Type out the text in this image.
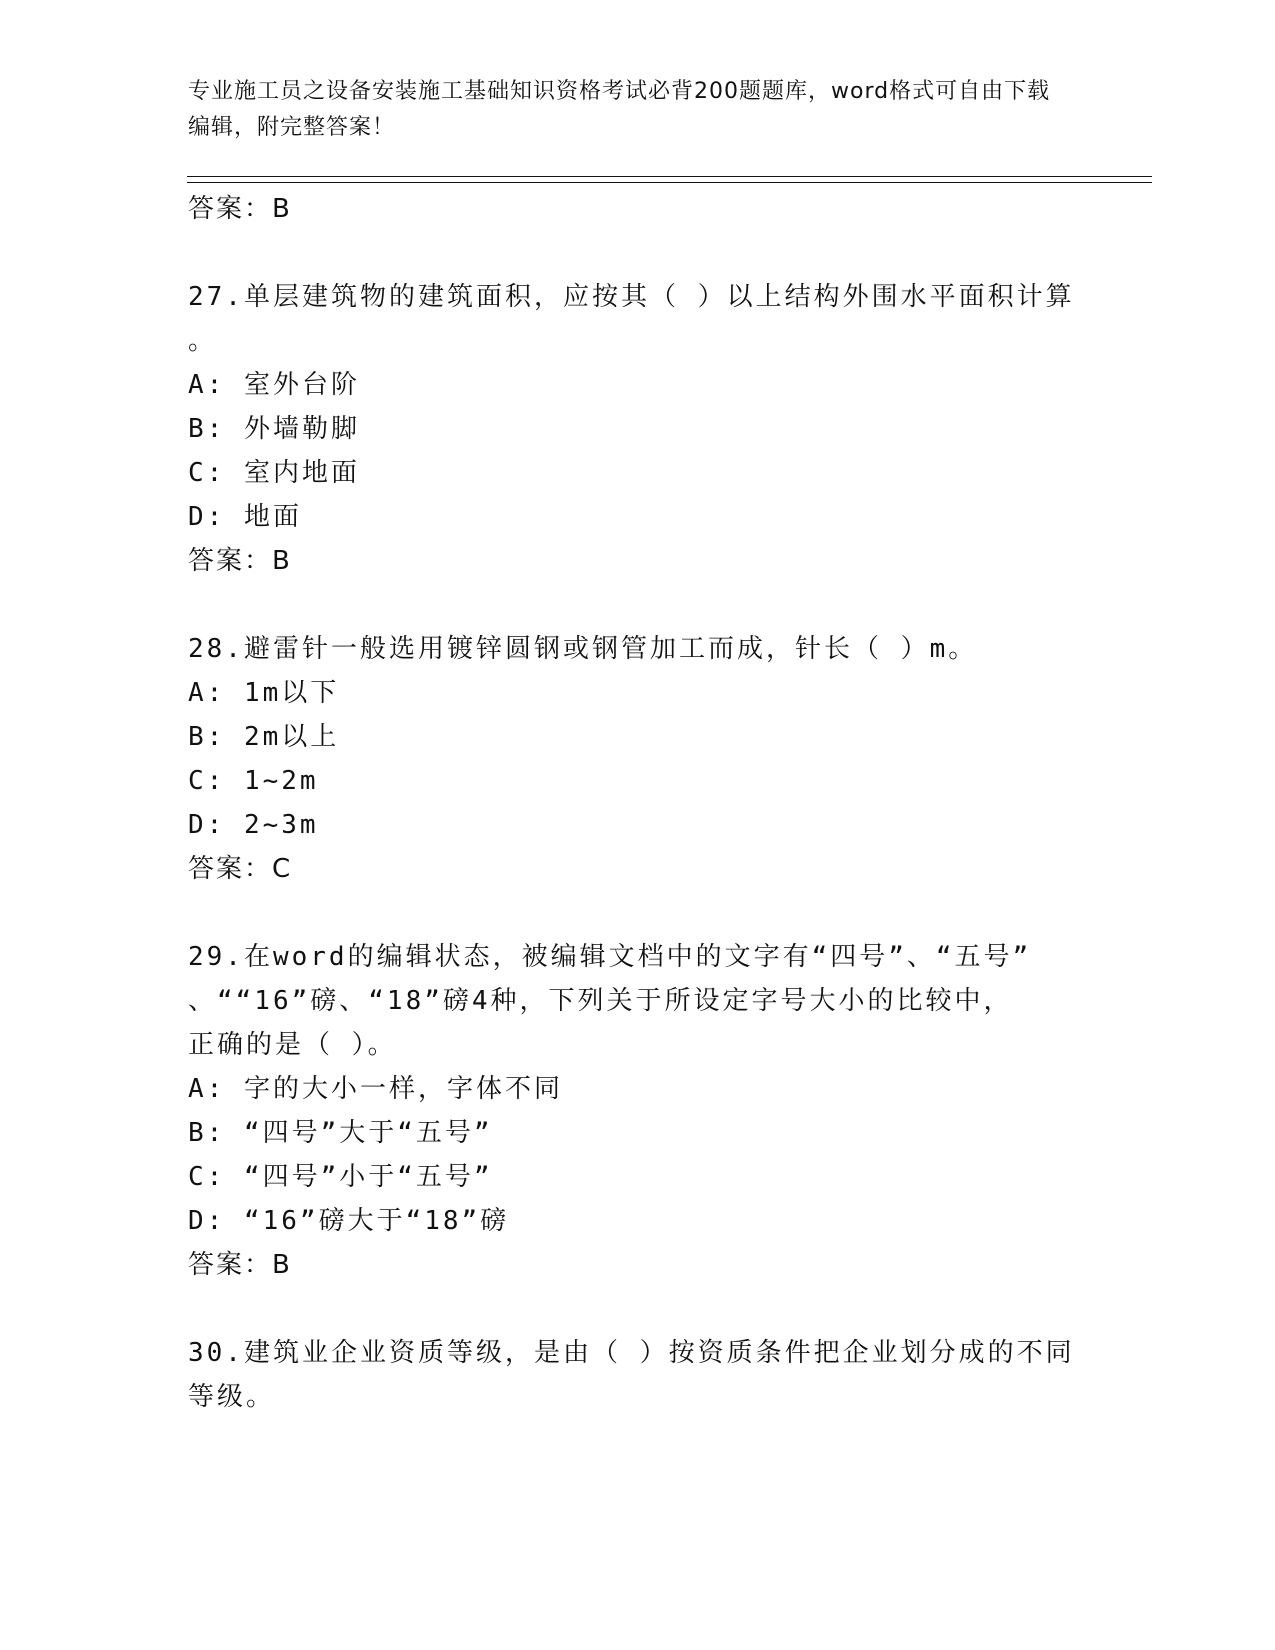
专业施工员之设备安装施工基础知识资格考试必背200题题库，word格式可自由下载编辑，附完整答案！
答案：B
27.单层建筑物的建筑面积，应按其（ ）以上结构外围水平面积计算
。
A: 室外台阶
B: 外墙勒脚
C: 室内地面
D: 地面
答案：B
28.避雷针一般选用镀锌圆钢或钢管加工而成，针长（ ）m。
A: 1m以下
B: 2m以上
C: 1~2m
D: 2~3m
答案：C
29.在word的编辑状态，被编辑文档中的文字有“四号”、“五号”
、““16”磅、“18”磅4种，下列关于所设定字号大小的比较中，
正确的是（ ）。
A: 字的大小一样，字体不同
B: “四号”大于“五号”
C: “四号”小于“五号”
D: “16”磅大于“18”磅
答案：B
30.建筑业企业资质等级，是由（ ）按资质条件把企业划分成的不同
等级。
